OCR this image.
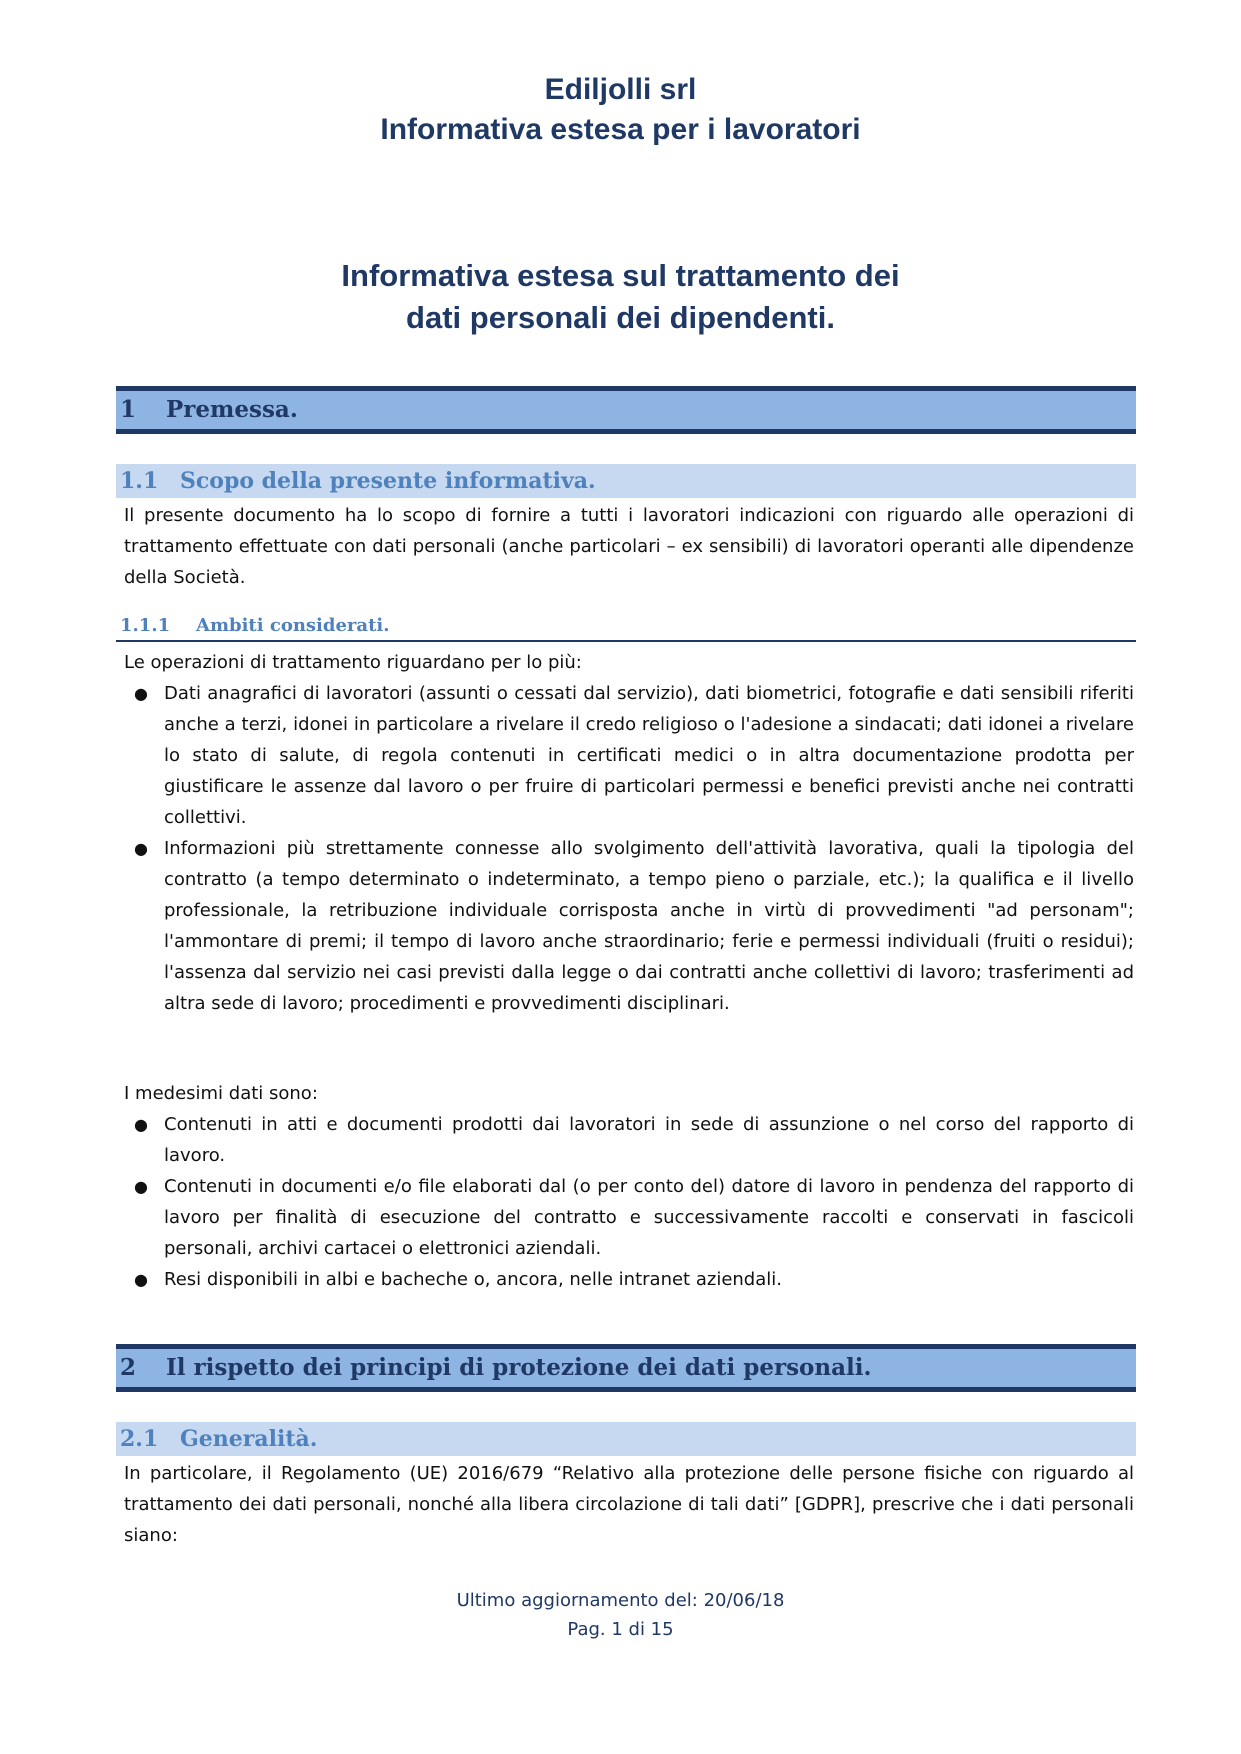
Ediljolli srl
Informativa estesa per i lavoratori
Informativa estesa sul trattamento dei
dati personali dei dipendenti.
1 Premessa.
1.1 Scopo della presente informativa.

Il presente documento ha lo scopo di fornire a tutti i lavoratori indicazioni con riguardo alle operazioni di trattamento effettuate con dati personali (anche particolari – ex sensibili) di lavoratori operanti alle dipendenze della Società.

1.1.1 Ambiti considerati.

Le operazioni di trattamento riguardano per lo più:

● Dati anagrafici di lavoratori (assunti o cessati dal servizio), dati biometrici, fotografie e dati sensibili riferiti anche a terzi, idonei in particolare a rivelare il credo religioso o l'adesione a sindacati; dati idonei a rivelare lo stato di salute, di regola contenuti in certificati medici o in altra documentazione prodotta per giustificare le assenze dal lavoro o per fruire di particolari permessi e benefici previsti anche nei contratti collettivi.
● Informazioni più strettamente connesse allo svolgimento dell'attività lavorativa, quali la tipologia del contratto (a tempo determinato o indeterminato, a tempo pieno o parziale, etc.); la qualifica e il livello professionale, la retribuzione individuale corrisposta anche in virtù di provvedimenti "ad personam"; l'ammontare di premi; il tempo di lavoro anche straordinario; ferie e permessi individuali (fruiti o residui); l'assenza dal servizio nei casi previsti dalla legge o dai contratti anche collettivi di lavoro; trasferimenti ad altra sede di lavoro; procedimenti e provvedimenti disciplinari.

I medesimi dati sono:

● Contenuti in atti e documenti prodotti dai lavoratori in sede di assunzione o nel corso del rapporto di lavoro.
● Contenuti in documenti e/o file elaborati dal (o per conto del) datore di lavoro in pendenza del rapporto di lavoro per finalità di esecuzione del contratto e successivamente raccolti e conservati in fascicoli personali, archivi cartacei o elettronici aziendali.
● Resi disponibili in albi e bacheche o, ancora, nelle intranet aziendali.
2 Il rispetto dei principi di protezione dei dati personali.
2.1 Generalità.

In particolare, il Regolamento (UE) 2016/679 “Relativo alla protezione delle persone fisiche con riguardo al trattamento dei dati personali, nonché alla libera circolazione di tali dati” [GDPR], prescrive che i dati personali siano:

Ultimo aggiornamento del: 20/06/18
Pag. 1 di 15
